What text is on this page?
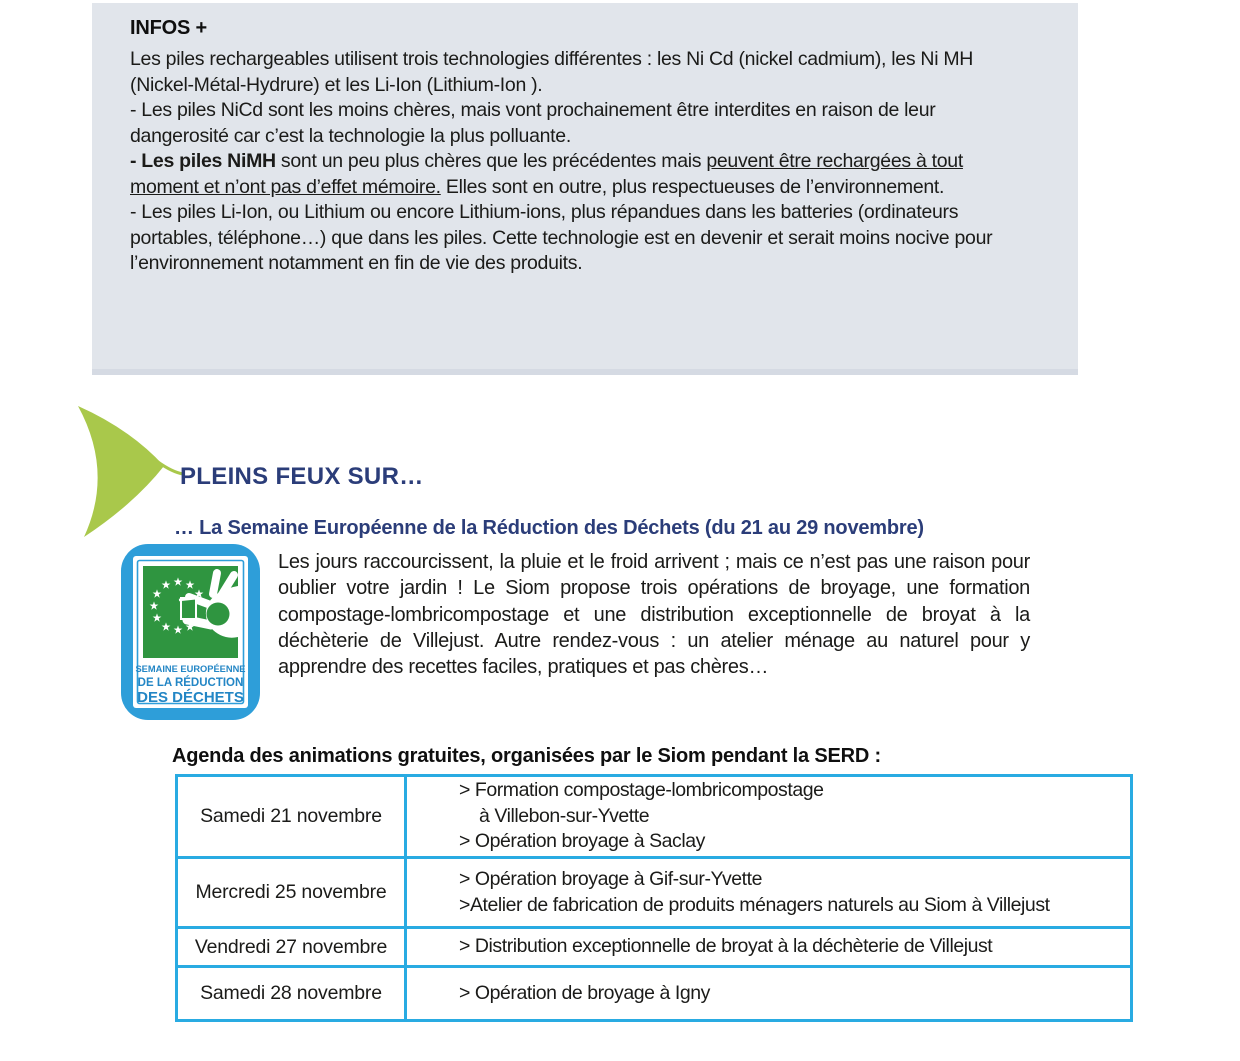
INFOS +

Les piles rechargeables utilisent trois technologies différentes : les Ni Cd (nickel cadmium), les Ni MH (Nickel-Métal-Hydrure) et les Li-Ion (Lithium-Ion ).

- Les piles NiCd sont les moins chères, mais vont prochainement être interdites en raison de leur dangerosité car c’est la technologie la plus polluante.

- Les piles NiMH sont un peu plus chères que les précédentes mais peuvent être rechargées à tout moment et n’ont pas d’effet mémoire. Elles sont en outre, plus respectueuses de l’environnement.

- Les piles Li-Ion, ou Lithium ou encore Lithium-ions, plus répandues dans les batteries (ordinateurs portables, téléphone…) que dans les piles. Cette technologie est en devenir et serait moins nocive pour l’environnement notamment en fin de vie des produits.

PLEINS FEUX SUR…
… La Semaine Européenne de la Réduction des Déchets (du 21 au 29 novembre)
SEMAINE EUROPÉENNE
DE LA RÉDUCTION
DES DÉCHETS

Les jours raccourcissent, la pluie et le froid arrivent ; mais ce n’est pas une raison pour oublier votre jardin ! Le Siom propose trois opérations de broyage, une formation compostage-lombricompostage et une distribution exceptionnelle de broyat à la déchèterie de Villejust. Autre rendez-vous : un atelier ménage au naturel pour y apprendre des recettes faciles, pratiques et pas chères…

Agenda des animations gratuites, organisées par le Siom pendant la SERD :
Samedi 21 novembre	> Formation compostage-lombricompostage
à Villebon-sur-Yvette
> Opération broyage à Saclay

Mercredi 25 novembre	> Opération broyage à Gif-sur-Yvette
>Atelier de fabrication de produits ménagers naturels au Siom à Villejust

Vendredi 27 novembre	> Distribution exceptionnelle de broyat à la déchèterie de Villejust

Samedi 28 novembre	> Opération de broyage à Igny
